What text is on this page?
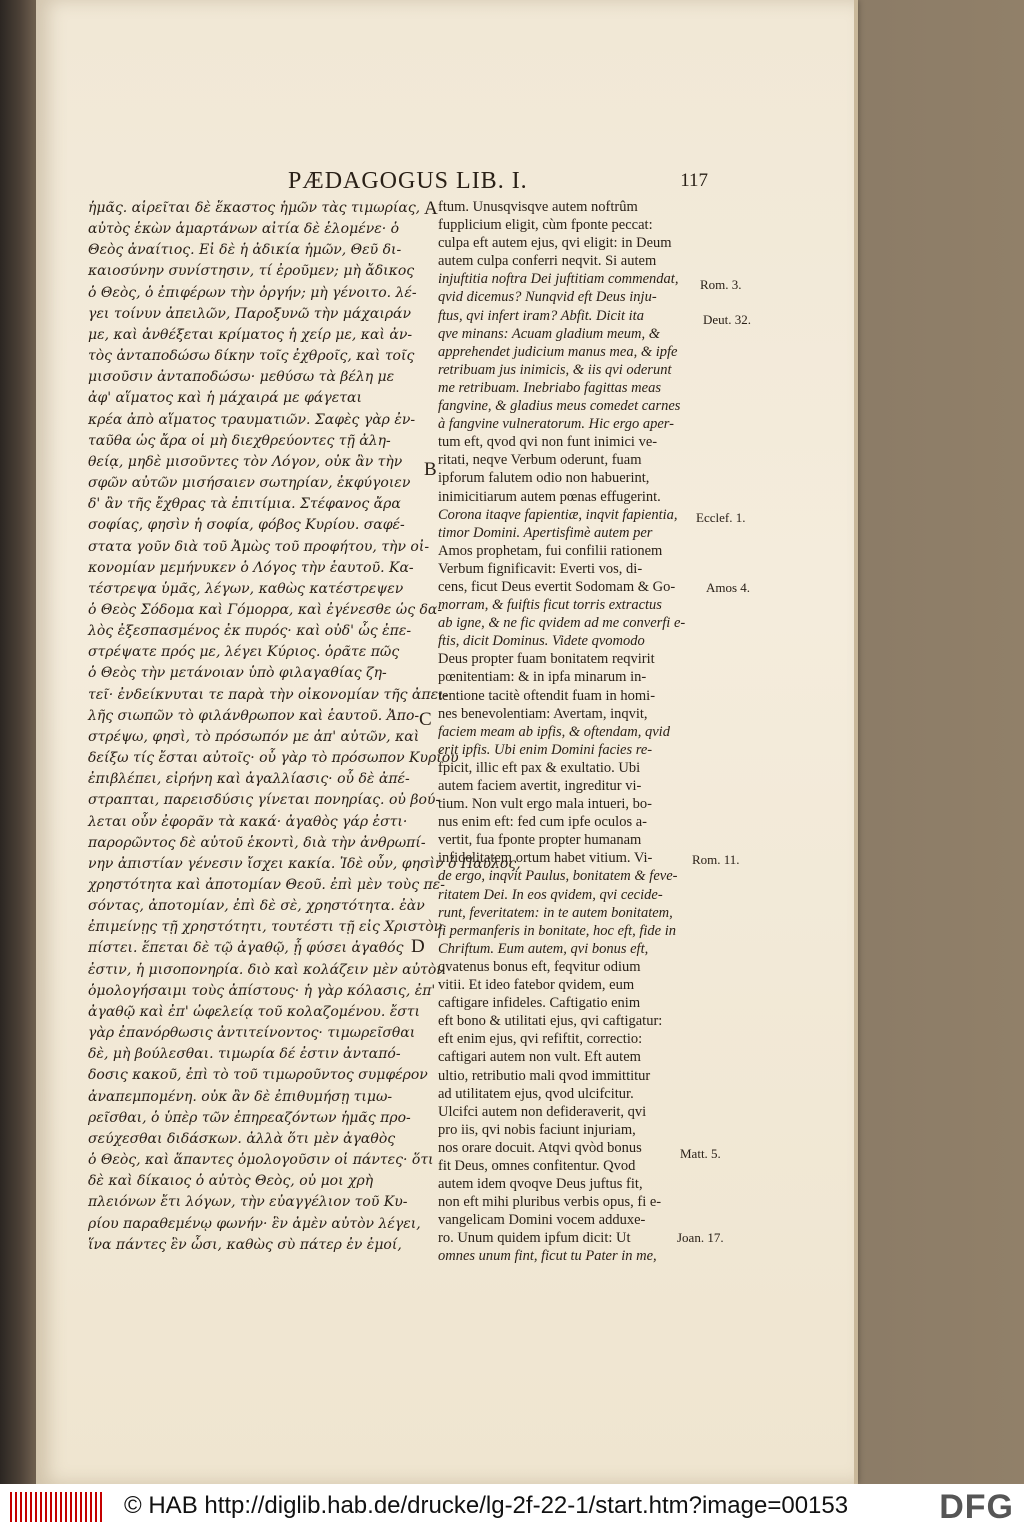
PÆDAGOGUS LIB. I.	117
ἡμᾶς. αἱρεῖται δὲ ἕκαστος ἡμῶν τὰς τιμωρίας,
αὐτὸς ἑκὼν ἁμαρτάνων αἰτία δὲ ἑλομένε· ὁ
Θεὸς ἀναίτιος. Εἰ δὲ ἡ ἀδικία ἡμῶν, Θεῦ δι-
καιοσύνην συνίστησιν, τί ἐροῦμεν; μὴ ἄδικος
ὁ Θεὸς, ὁ ἐπιφέρων τὴν ὀργήν; μὴ γένοιτο. λέ-
γει τοίνυν ἀπειλῶν, Παροξυνῶ τὴν μάχαιράν
με, καὶ ἀνθέξεται κρίματος ἡ χείρ με, καὶ ἀν-
τὸς ἀνταποδώσω δίκην τοῖς ἐχθροῖς, καὶ τοῖς
μισοῦσιν ἀνταποδώσω· μεθύσω τὰ βέλη με
ἀφ' αἵματος καὶ ἡ μάχαιρά με φάγεται
κρέα ἀπὸ αἵματος τραυματιῶν. Σαφὲς γὰρ ἐν-
ταῦθα ὡς ἄρα οἱ μὴ διεχθρεύοντες τῇ ἀλη-
θείᾳ, μηδὲ μισοῦντες τὸν Λόγον, οὐκ ἂν τὴν
σφῶν αὐτῶν μισήσαιεν σωτηρίαν, ἐκφύγοιεν
δ' ἂν τῆς ἔχθρας τὰ ἐπιτίμια. Στέφανος ἄρα
σοφίας, φησὶν ἡ σοφία, φόβος Κυρίου. σαφέ-
στατα γοῦν διὰ τοῦ Ἀμὼς τοῦ προφήτου, τὴν οἰ-
κονομίαν μεμήνυκεν ὁ Λόγος τὴν ἑαυτοῦ. Κα-
τέστρεψα ὑμᾶς, λέγων, καθὼς κατέστρεψεν
ὁ Θεὸς Σόδομα καὶ Γόμορρα, καὶ ἐγένεσθε ὡς δα-
λὸς ἐξεσπασμένος ἐκ πυρός· καὶ οὐδ' ὧς ἐπε-
στρέψατε πρός με, λέγει Κύριος. ὁρᾶτε πῶς
ὁ Θεὸς τὴν μετάνοιαν ὑπὸ φιλαγαθίας ζη-
τεῖ· ἐνδείκνυται τε παρὰ τὴν οἰκονομίαν τῆς ἀπει-
λῆς σιωπῶν τὸ φιλάνθρωπον καὶ ἑαυτοῦ. Ἀπο-
στρέψω, φησὶ, τὸ πρόσωπόν με ἀπ' αὐτῶν, καὶ
δείξω τίς ἔσται αὐτοῖς· οὗ γὰρ τὸ πρόσωπον Κυρίου
ἐπιβλέπει, εἰρήνη καὶ ἀγαλλίασις· οὗ δὲ ἀπέ-
στραπται, παρεισδύσις γίνεται πονηρίας. οὐ βού-
λεται οὖν ἐφορᾶν τὰ κακά· ἀγαθὸς γάρ ἐστι·
παρορῶντος δὲ αὐτοῦ ἑκοντὶ, διὰ τὴν ἀνθρωπί-
νην ἀπιστίαν γένεσιν ἴσχει κακία. Ἰδὲ οὖν, φησὶν ὁ Παῦλος,
χρηστότητα καὶ ἀποτομίαν Θεοῦ. ἐπὶ μὲν τοὺς πε-
σόντας, ἀποτομίαν, ἐπὶ δὲ σὲ, χρηστότητα. ἐὰν
ἐπιμείνῃς τῇ χρηστότητι, τουτέστι τῇ εἰς Χριστὸν
πίστει. ἕπεται δὲ τῷ ἀγαθῷ, ᾗ φύσει ἀγαθός
ἐστιν, ἡ μισοπονηρία. διὸ καὶ κολάζειν μὲν αὐτὸν
ὁμολογήσαιμι τοὺς ἀπίστους· ἡ γὰρ κόλασις, ἐπ'
ἀγαθῷ καὶ ἐπ' ὠφελείᾳ τοῦ κολαζομένου. ἔστι
γὰρ ἐπανόρθωσις ἀντιτείνοντος· τιμωρεῖσθαι
δὲ, μὴ βούλεσθαι. τιμωρία δέ ἐστιν ἀνταπό-
δοσις κακοῦ, ἐπὶ τὸ τοῦ τιμωροῦντος συμφέρον
ἀναπεμπομένη. οὐκ ἂν δὲ ἐπιθυμήσῃ τιμω-
ρεῖσθαι, ὁ ὑπὲρ τῶν ἐπηρεαζόντων ἡμᾶς προ-
σεύχεσθαι διδάσκων. ἀλλὰ ὅτι μὲν ἀγαθὸς
ὁ Θεὸς, καὶ ἅπαντες ὁμολογοῦσιν οἱ πάντες· ὅτι
δὲ καὶ δίκαιος ὁ αὐτὸς Θεὸς, οὐ μοι χρὴ
πλειόνων ἔτι λόγων, τὴν εὐαγγέλιον τοῦ Κυ-
ρίου παραθεμένῳ φωνήν· ἓν ἀμὲν αὐτὸν λέγει,
ἵνα πάντες ἓν ὦσι, καθὼς σὺ πάτερ ἐν ἐμοί,
ftum. Unusqvisqve autem noftrûm
fupplicium eligit, cùm fponte peccat:
culpa eft autem ejus, qvi eligit: in Deum
autem culpa conferri neqvit. Si autem
injuftitia noftra Dei juftitiam commendat,
qvid dicemus? Nunqvid eft Deus inju-
ftus, qvi infert iram? Abfit. Dicit ita
qve minans: Acuam gladium meum, &
apprehendet judicium manus mea, & ipfe
retribuam jus inimicis, & iis qvi oderunt
me retribuam. Inebriabo fagittas meas
fangvine, & gladius meus comedet carnes
à fangvine vulneratorum. Hic ergo aper-
tum eft, qvod qvi non funt inimici ve-
ritati, neqve Verbum oderunt, fuam
ipforum falutem odio non habuerint,
inimicitiarum autem pœnas effugerint.
Corona itaqve fapientiæ, inqvit fapientia,
timor Domini. Apertisfimè autem per
Amos prophetam, fui confilii rationem
Verbum fignificavit: Everti vos, di-
cens, ficut Deus evertit Sodomam & Go-
morram, & fuiftis ficut torris extractus
ab igne, & ne fic qvidem ad me converfi e-
ftis, dicit Dominus. Videte qvomodo
Deus propter fuam bonitatem reqvirit
pœnitentiam: & in ipfa minarum in-
tentione tacitè oftendit fuam in homi-
nes benevolentiam: Avertam, inqvit,
faciem meam ab ipfis, & oftendam, qvid
erit ipfis. Ubi enim Domini facies re-
fpicit, illic eft pax & exultatio. Ubi
autem faciem avertit, ingreditur vi-
tium. Non vult ergo mala intueri, bo-
nus enim eft: fed cum ipfe oculos a-
vertit, fua fponte propter humanam
infidelitatem ortum habet vitium. Vi-
de ergo, inqvit Paulus, bonitatem & feve-
ritatem Dei. In eos qvidem, qvi cecide-
runt, feveritatem: in te autem bonitatem,
fi permanferis in bonitate, hoc eft, fide in
Chriftum. Eum autem, qvi bonus eft,
qvatenus bonus eft, feqvitur odium
vitii. Et ideo fatebor qvidem, eum
caftigare infideles. Caftigatio enim
eft bono & utilitati ejus, qvi caftigatur:
eft enim ejus, qvi refiftit, correctio:
caftigari autem non vult. Eft autem
ultio, retributio mali qvod immittitur
ad utilitatem ejus, qvod ulcifcitur.
Ulcifci autem non defideraverit, qvi
pro iis, qvi nobis faciunt injuriam,
nos orare docuit. Atqvi qvòd bonus
fit Deus, omnes confitentur. Qvod
autem idem qvoqve Deus juftus fit,
non eft mihi pluribus verbis opus, fi e-
vangelicam Domini vocem adduxe-
ro. Unum quidem ipfum dicit: Ut
omnes unum fint, ficut tu Pater in me,
A
B
C
D
Rom. 3.
Deut. 32.
Ecclef. 1.
Amos 4.
Rom. 11.
Matt. 5.
Joan. 17.
© HAB http://diglib.hab.de/drucke/lg-2f-22-1/start.htm?image=00153	DFG
